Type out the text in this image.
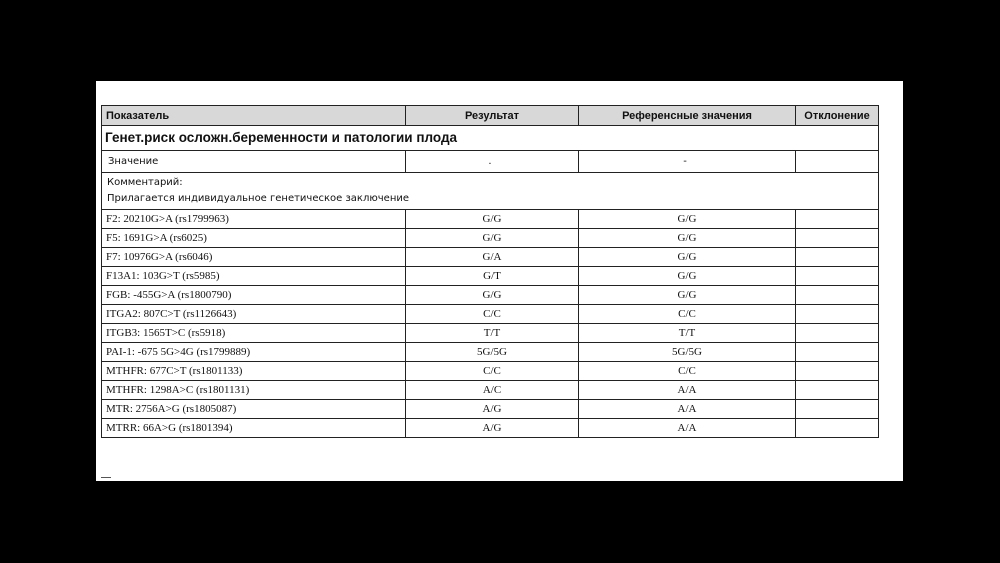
Показатель	Результат	Референсные значения	Отклонение
Генет.риск осложн.беременности и патологии плода			
Значение	.	-	

Комментарий:
Прилагается индивидуальное генетическое заключение			

F2: 20210G>A (rs1799963)	G/G	G/G	
F5: 1691G>A (rs6025)	G/G	G/G	
F7: 10976G>A (rs6046)	G/A	G/G	
F13A1: 103G>T (rs5985)	G/T	G/G	
FGB: -455G>A (rs1800790)	G/G	G/G	
ITGA2: 807C>T (rs1126643)	C/C	C/C	
ITGB3: 1565T>C (rs5918)	T/T	T/T	
PAI-1: -675 5G>4G (rs1799889)	5G/5G	5G/5G	
MTHFR: 677C>T (rs1801133)	C/C	C/C	
MTHFR: 1298A>C (rs1801131)	A/C	A/A	
MTR: 2756A>G (rs1805087)	A/G	A/A	
MTRR: 66A>G (rs1801394)	A/G	A/A	
